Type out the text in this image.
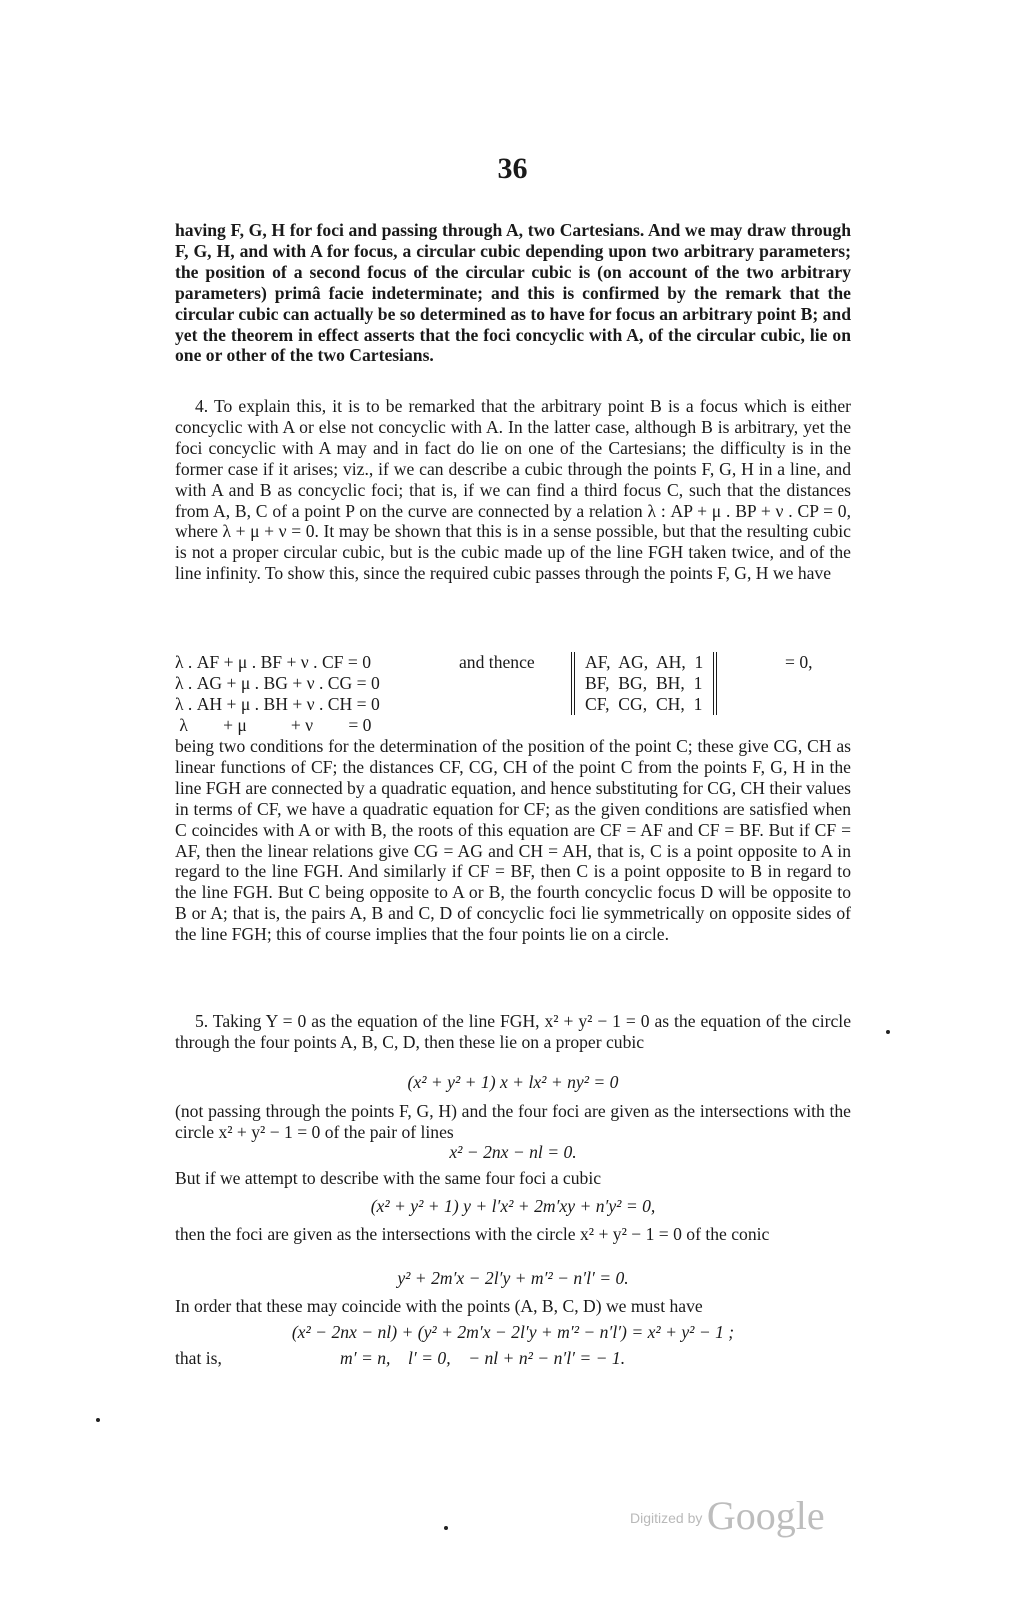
36

having F, G, H for foci and passing through A, two Cartesians. And we may draw through F, G, H, and with A for focus, a circular cubic depending upon two arbitrary parameters; the position of a second focus of the circular cubic is (on account of the two arbitrary parameters) primâ facie indeterminate; and this is confirmed by the remark that the circular cubic can actually be so determined as to have for focus an arbitrary point B; and yet the theorem in effect asserts that the foci concyclic with A, of the circular cubic, lie on one or other of the two Cartesians.

4. To explain this, it is to be remarked that the arbitrary point B is a focus which is either concyclic with A or else not concyclic with A. In the latter case, although B is arbitrary, yet the foci concyclic with A may and in fact do lie on one of the Cartesians; the difficulty is in the former case if it arises; viz., if we can describe a cubic through the points F, G, H in a line, and with A and B as concyclic foci; that is, if we can find a third focus C, such that the distances from A, B, C of a point P on the curve are connected by a relation λ : AP + μ . BP + ν . CP = 0, where λ + μ + ν = 0. It may be shown that this is in a sense possible, but that the resulting cubic is not a proper circular cubic, but is the cubic made up of the line FGH taken twice, and of the line infinity. To show this, since the required cubic passes through the points F, G, H we have

λ . AF + μ . BF + ν . CF = 0
λ . AG + μ . BG + ν . CG = 0
λ . AH + μ . BH + ν . CH = 0
λ        + μ          + ν        = 0
and thence	AF,  AG,  AH,  1
BF,  BG,  BH,  1
CF,  CG,  CH,  1
= 0,

being two conditions for the determination of the position of the point C; these give CG, CH as linear functions of CF; the distances CF, CG, CH of the point C from the points F, G, H in the line FGH are connected by a quadratic equation, and hence substituting for CG, CH their values in terms of CF, we have a quadratic equation for CF; as the given conditions are satisfied when C coincides with A or with B, the roots of this equation are CF = AF and CF = BF. But if CF = AF, then the linear relations give CG = AG and CH = AH, that is, C is a point opposite to A in regard to the line FGH. And similarly if CF = BF, then C is a point opposite to B in regard to the line FGH. But C being opposite to A or B, the fourth concyclic focus D will be opposite to B or A; that is, the pairs A, B and C, D of concyclic foci lie symmetrically on opposite sides of the line FGH; this of course implies that the four points lie on a circle.

5. Taking Y = 0 as the equation of the line FGH, x² + y² − 1 = 0 as the equation of the circle through the four points A, B, C, D, then these lie on a proper cubic

(x² + y² + 1) x + lx² + ny² = 0
(not passing through the points F, G, H) and the four foci are given as the intersections with the circle x² + y² − 1 = 0 of the pair of lines
x² − 2nx − nl = 0.
But if we attempt to describe with the same four foci a cubic
(x² + y² + 1) y + l′x² + 2m′xy + n′y² = 0,
then the foci are given as the intersections with the circle x² + y² − 1 = 0 of the conic
y² + 2m′x − 2l′y + m′² − n′l′ = 0.
In order that these may coincide with the points (A, B, C, D) we must have
(x² − 2nx − nl) + (y² + 2m′x − 2l′y + m′² − n′l′) = x² + y² − 1 ;
that is,	m′ = n,    l′ = 0,    − nl + n² − n′l′ = − 1.
Digitized by Google
